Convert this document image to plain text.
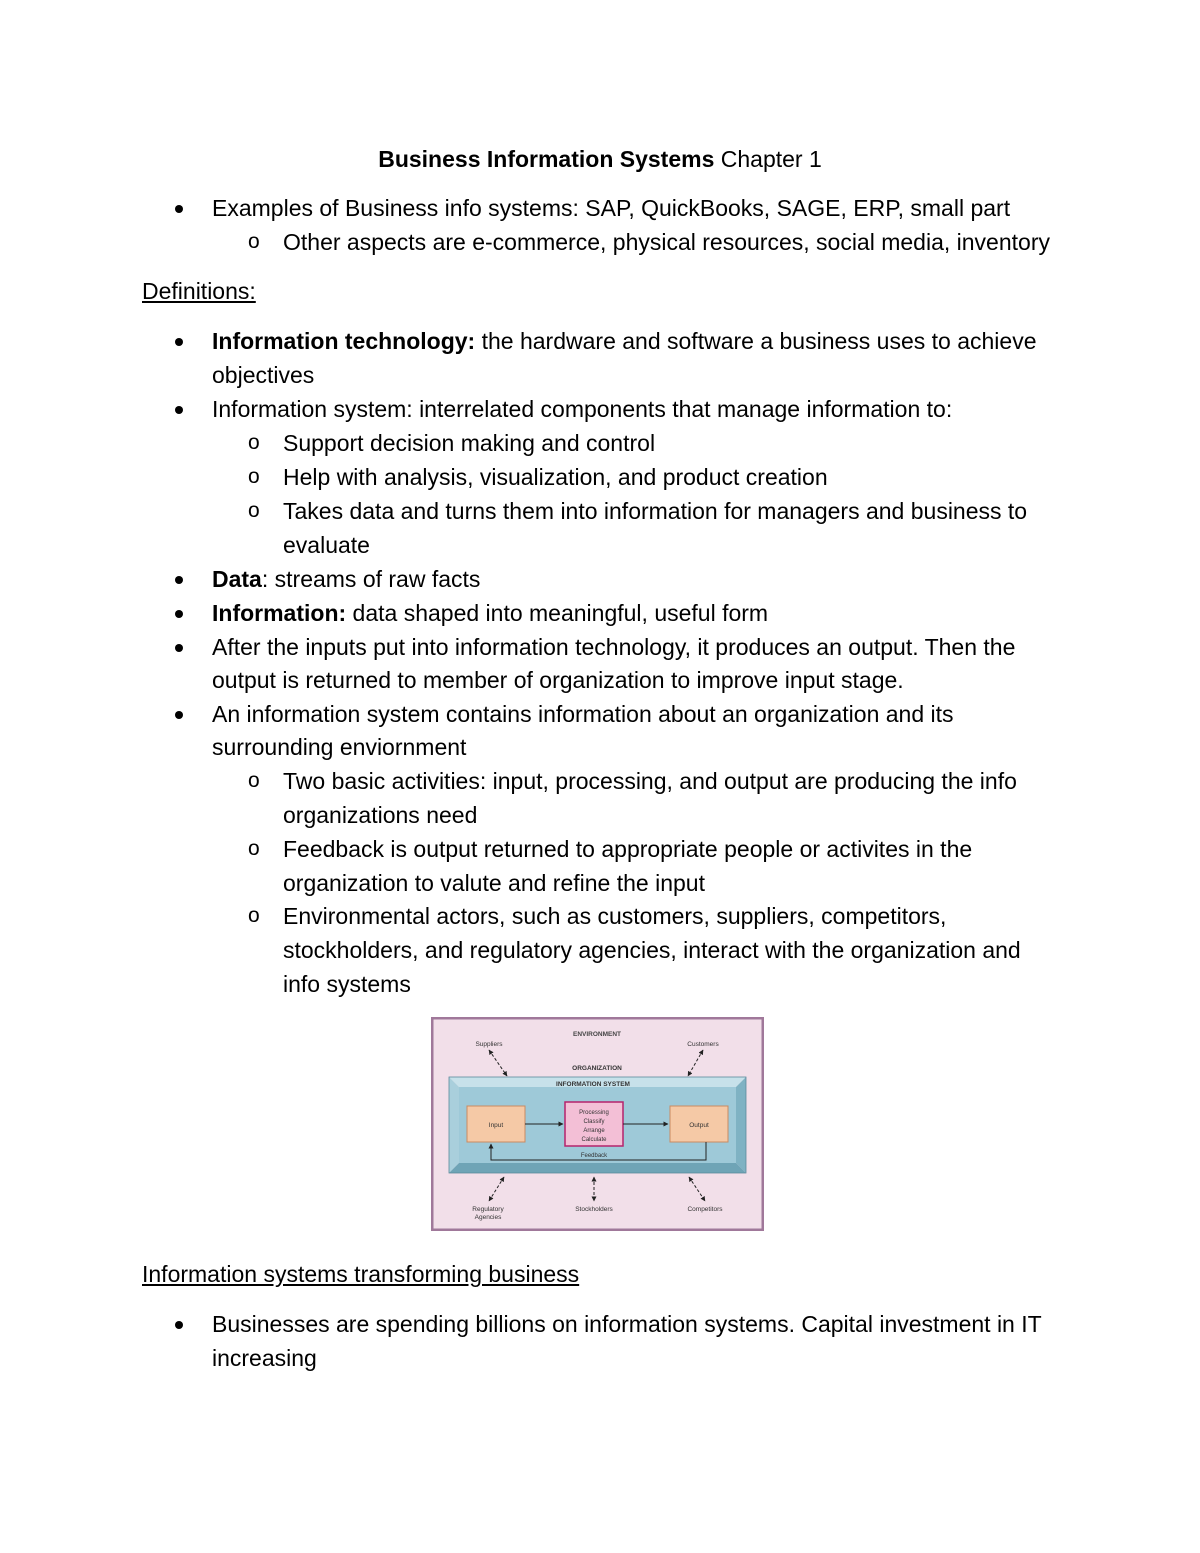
Business Information Systems Chapter 1
Examples of Business info systems: SAP, QuickBooks, SAGE, ERP, small part
o Other aspects are e-commerce, physical resources, social media, inventory
Definitions:
Information technology: the hardware and software a business uses to achieve
objectives
Information system: interrelated components that manage information to:
o Support decision making and control
o Help with analysis, visualization, and product creation
o Takes data and turns them into information for managers and business to
evaluate
Data: streams of raw facts
Information: data shaped into meaningful, useful form
After the inputs put into information technology, it produces an output. Then the
output is returned to member of organization to improve input stage.
An information system contains information about an organization and its
surrounding enviornment
o Two basic activities: input, processing, and output are producing the info
organizations need
o Feedback is output returned to appropriate people or activites in the
organization to valute and refine the input
o Environmental actors, such as customers, suppliers, competitors,
stockholders, and regulatory agencies, interact with the organization and
info systems
ENVIRONMENT
Suppliers	Customers
ORGANIZATION
INFORMATION SYSTEM
Input
Processing
Classify
Arrange
Calculate
Output
Feedback
Regulatory
Agencies
Stockholders	Competitors
Information systems transforming business
Businesses are spending billions on information systems. Capital investment in IT
increasing
